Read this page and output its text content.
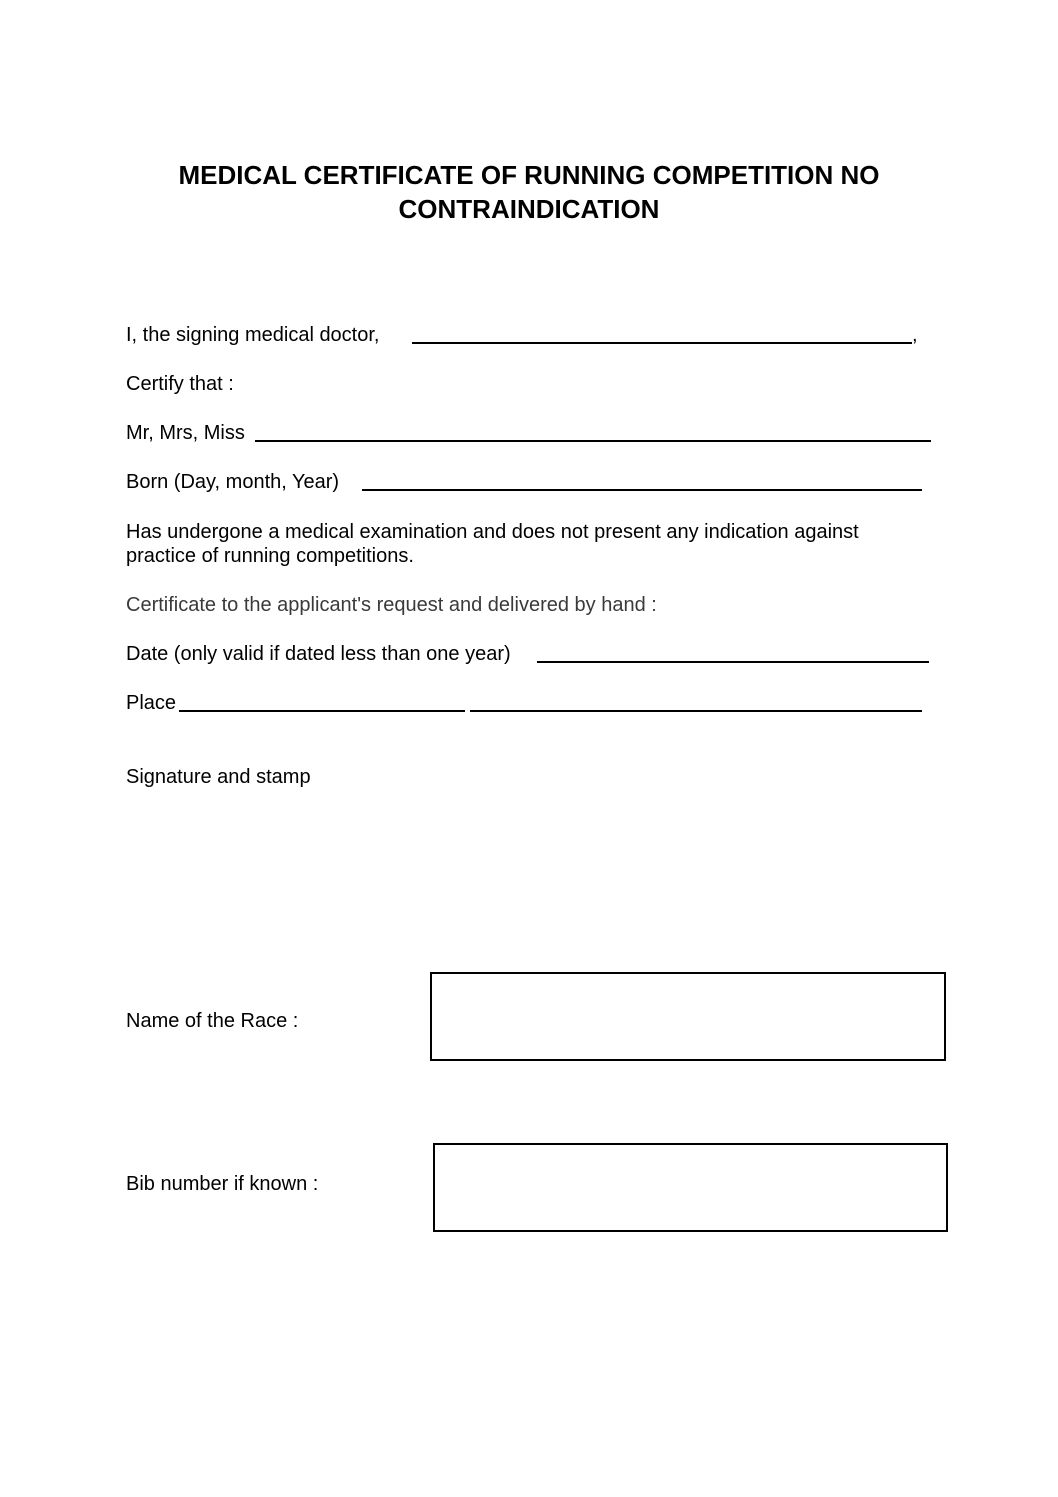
MEDICAL CERTIFICATE OF RUNNING COMPETITION NO
CONTRAINDICATION
I, the signing medical doctor,	,
Certify that :
Mr, Mrs, Miss
Born (Day, month, Year)
Has undergone a medical examination and does not present any indication against practice of running competitions.
Certificate to the applicant's request and delivered by hand :
Date (only valid if dated less than one year)
Place
Signature and stamp
Name of the Race :
Bib number if known :
